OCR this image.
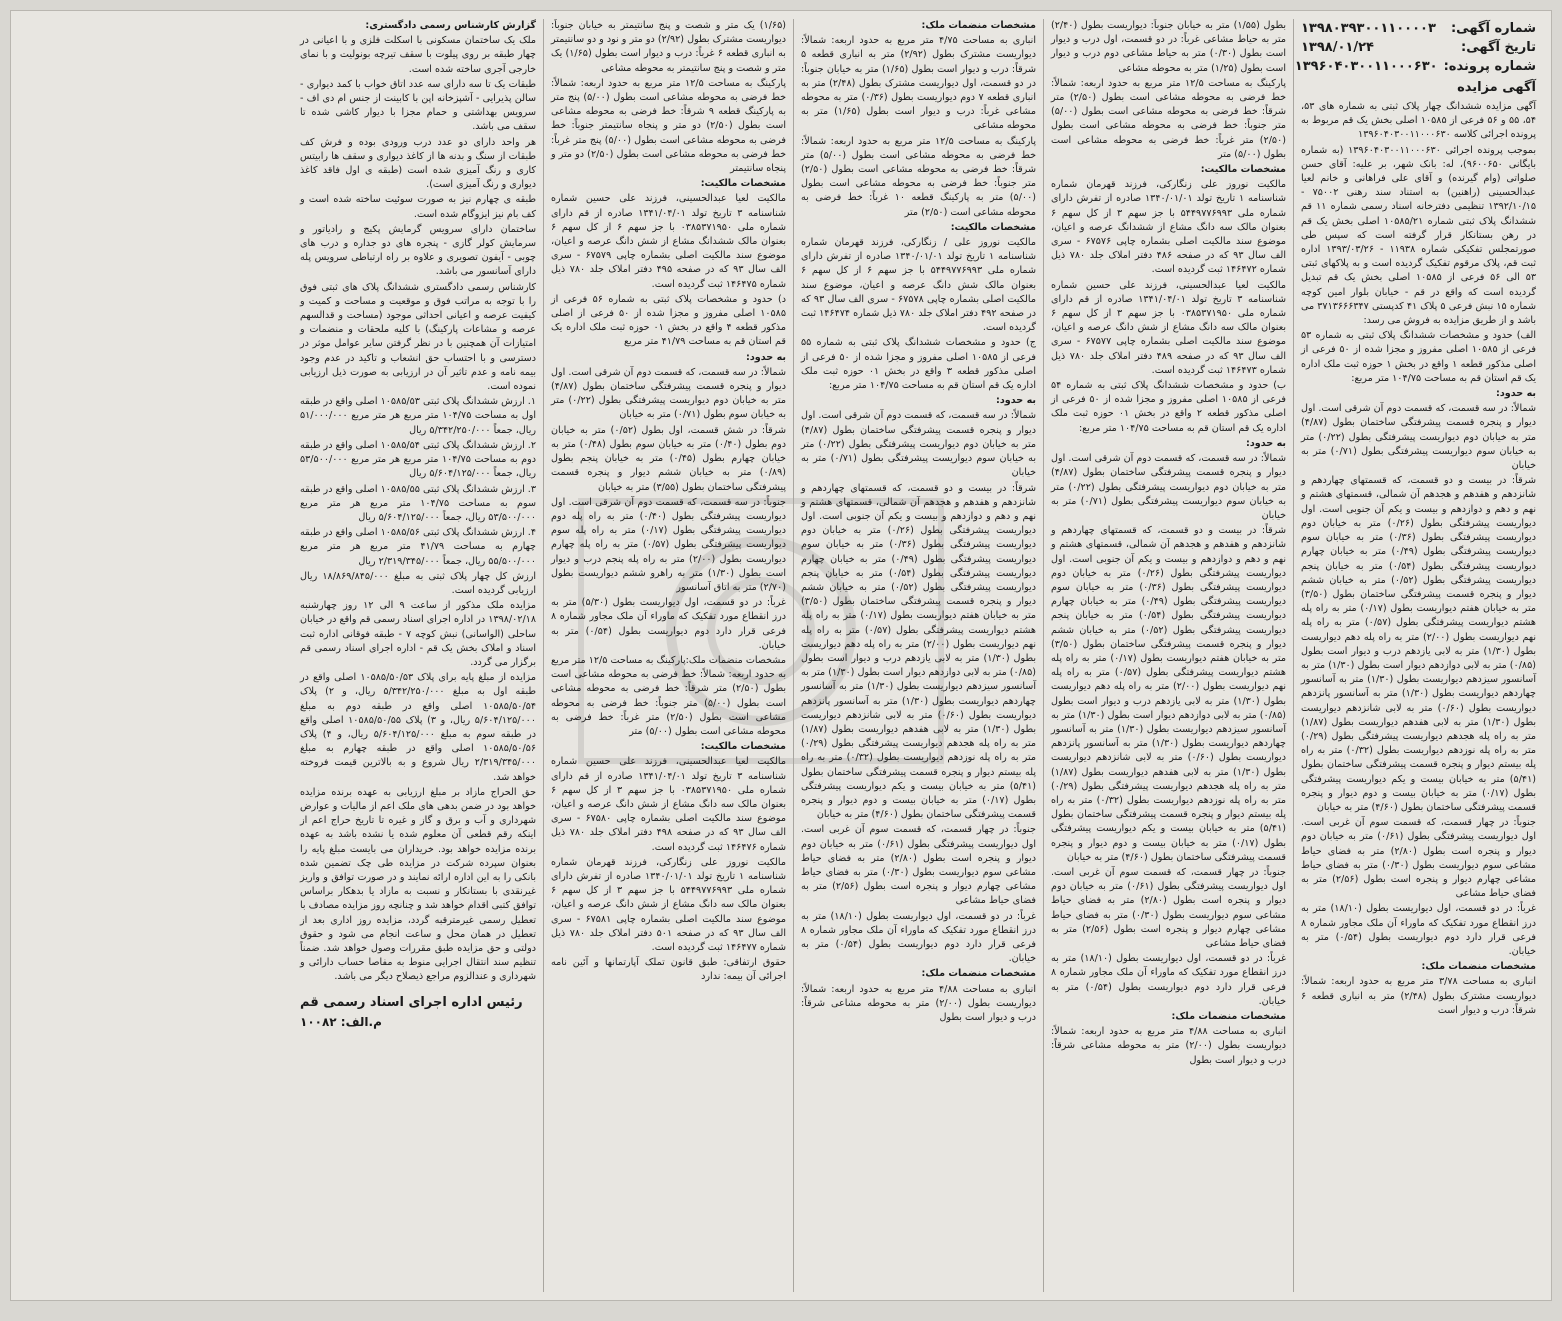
شماره آگهی:
۱۳۹۸۰۳۹۳۰۰۱۱۰۰۰۰۳
تاریخ آگهی:
۱۳۹۸/۰۱/۲۴
شماره پرونده:
۱۳۹۶۰۴۰۳۰۰۱۱۰۰۰۶۳۰
آگهی مزایده

آگهی مزایده ششدانگ چهار پلاک ثبتی به شماره های ۵۳، ۵۴، ۵۵ و ۵۶ فرعی از ۱۰۵۸۵ اصلی بخش یک قم مربوط به پرونده اجرائی کلاسه ۱۳۹۶۰۴۰۳۰۰۱۱۰۰۰۶۳۰

بموجب پرونده اجرائی ۱۳۹۶۰۴۰۳۰۰۱۱۰۰۰۶۳۰ (به شماره بایگانی ۹۶۰۰۶۵۰)، له: بانک شهر، بر علیه: آقای حسن صلواتی (وام گیرنده) و آقای علی فراهانی و خانم لعیا عبدالحسینی (راهنین) به استناد سند رهنی ۷۵۰۰۲ - ۱۳۹۲/۱۰/۱۵ تنظیمی دفترخانه اسناد رسمی شماره ۱۱ قم ششدانگ پلاک ثبتی شماره ۱۰۵۸۵/۲۱ اصلی بخش یک قم در رهن بستانکار قرار گرفته است که سپس طی صورتمجلس تفکیکی شماره ۱۱۹۳۸ - ۱۳۹۳/۰۳/۲۶ اداره ثبت قم، پلاک مرقوم تفکیک گردیده است و به پلاکهای ثبتی ۵۳ الی ۵۶ فرعی از ۱۰۵۸۵ اصلی بخش یک قم تبدیل گردیده است که واقع در قم - خیابان بلوار امین کوچه شماره ۱۵ نبش فرعی ۵ پلاک ۴۱ کدپستی ۳۷۱۳۶۶۶۳۴۷ می باشد و از طریق مزایده به فروش می رسد:

الف) حدود و مشخصات ششدانگ پلاک ثبتی به شماره ۵۳ فرعی از ۱۰۵۸۵ اصلی مفروز و مجزا شده از ۵۰ فرعی از اصلی مذکور قطعه ۱ واقع در بخش ۱ حوزه ثبت ملک اداره یک قم استان قم به مساحت ۱۰۴/۷۵ متر مربع:

به حدود:

شمالاً: در سه قسمت، که قسمت دوم آن شرقی است. اول دیوار و پنجره قسمت پیشرفتگی ساختمان بطول (۴/۸۷) متر به خیابان دوم دیواریست پیشرفتگی بطول (۰/۲۲) متر به خیابان سوم دیواریست پیشرفتگی بطول (۰/۷۱) متر به خیابان

شرقاً: در بیست و دو قسمت، که قسمتهای چهاردهم و شانزدهم و هفدهم و هجدهم آن شمالی، قسمتهای هشتم و نهم و دهم و دوازدهم و بیست و یکم آن جنوبی است. اول دیواریست پیشرفتگی بطول (۰/۲۶) متر به خیابان دوم دیواریست پیشرفتگی بطول (۰/۳۶) متر به خیابان سوم دیواریست پیشرفتگی بطول (۰/۴۹) متر به خیابان چهارم دیواریست پیشرفتگی بطول (۰/۵۴) متر به خیابان پنجم دیواریست پیشرفتگی بطول (۰/۵۲) متر به خیابان ششم دیوار و پنجره قسمت پیشرفتگی ساختمان بطول (۳/۵۰) متر به خیابان هفتم دیواریست بطول (۰/۱۷) متر به راه پله هشتم دیواریست پیشرفتگی بطول (۰/۵۷) متر به راه پله نهم دیواریست بطول (۲/۰۰) متر به راه پله دهم دیواریست بطول (۱/۳۰) متر به لابی یازدهم درب و دیوار است بطول (۰/۸۵) متر به لابی دوازدهم دیوار است بطول (۱/۳۰) متر به آسانسور سیزدهم دیواریست بطول (۱/۳۰) متر به آسانسور چهاردهم دیواریست بطول (۱/۳۰) متر به آسانسور پانزدهم دیواریست بطول (۰/۶۰) متر به لابی شانزدهم دیواریست بطول (۱/۳۰) متر به لابی هفدهم دیواریست بطول (۱/۸۷) متر به راه پله هجدهم دیواریست پیشرفتگی بطول (۰/۲۹) متر به راه پله نوزدهم دیواریست بطول (۰/۳۲) متر به راه پله بیستم دیوار و پنجره قسمت پیشرفتگی ساختمان بطول (۵/۴۱) متر به خیابان بیست و یکم دیواریست پیشرفتگی بطول (۰/۱۷) متر به خیابان بیست و دوم دیوار و پنجره قسمت پیشرفتگی ساختمان بطول (۴/۶۰) متر به خیابان

جنوباً: در چهار قسمت، که قسمت سوم آن غربی است. اول دیواریست پیشرفتگی بطول (۰/۶۱) متر به خیابان دوم دیوار و پنجره است بطول (۲/۸۰) متر به فضای حیاط مشاعی سوم دیواریست بطول (۰/۳۰) متر به فضای حیاط مشاعی چهارم دیوار و پنجره است بطول (۲/۵۶) متر به فضای حیاط مشاعی

غرباً: در دو قسمت، اول دیواریست بطول (۱۸/۱۰) متر به درز انقطاع مورد تفکیک که ماوراء آن ملک مجاور شماره ۸ فرعی قرار دارد دوم دیواریست بطول (۰/۵۴) متر به خیابان.

مشخصات منضمات ملک:

انباری به مساحت ۳/۷۸ متر مربع به حدود اربعه: شمالاً: دیواریست مشترک بطول (۲/۴۸) متر به انباری قطعه ۶ شرقاً: درب و دیوار است

بطول (۱/۵۵) متر به خیابان جنوباً: دیواریست بطول (۲/۴۰) متر به حیاط مشاعی غرباً: در دو قسمت، اول درب و دیوار است بطول (۰/۳۰) متر به حیاط مشاعی دوم درب و دیوار است بطول (۱/۲۵) متر به محوطه مشاعی

پارکینگ به مساحت ۱۲/۵ متر مربع به حدود اربعه: شمالاً: خط فرضی به محوطه مشاعی است بطول (۲/۵۰) متر شرقاً: خط فرضی به محوطه مشاعی است بطول (۵/۰۰) متر جنوباً: خط فرضی به محوطه مشاعی است بطول (۲/۵۰) متر غرباً: خط فرضی به محوطه مشاعی است بطول (۵/۰۰) متر

مشخصات مالکیت:

مالکیت نوروز علی زنگارکی، فرزند قهرمان شماره شناسنامه ۱ تاریخ تولد ۱۳۴۰/۰۱/۰۱ صادره از تفرش دارای شماره ملی ۵۴۴۹۷۷۶۹۹۳ با جز سهم ۳ از کل سهم ۶ بعنوان مالک سه دانگ مشاع از ششدانگ عرصه و اعیان، موضوع سند مالکیت اصلی بشماره چاپی ۶۷۵۷۶ - سری الف سال ۹۳ که در صفحه ۴۸۶ دفتر املاک جلد ۷۸۰ ذیل شماره ۱۴۶۴۷۲ ثبت گردیده است.

مالکیت لعیا عبدالحسینی، فرزند علی حسین شماره شناسنامه ۳ تاریخ تولد ۱۳۴۱/۰۴/۰۱ صادره از قم دارای شماره ملی ۰۳۸۵۳۷۱۹۵۰ با جز سهم ۳ از کل سهم ۶ بعنوان مالک سه دانگ مشاع از شش دانگ عرصه و اعیان، موضوع سند مالکیت اصلی بشماره چاپی ۶۷۵۷۷ - سری الف سال ۹۳ که در صفحه ۴۸۹ دفتر املاک جلد ۷۸۰ ذیل شماره ۱۴۶۴۷۳ ثبت گردیده است.

ب) حدود و مشخصات ششدانگ پلاک ثبتی به شماره ۵۴ فرعی از ۱۰۵۸۵ اصلی مفروز و مجزا شده از ۵۰ فرعی از اصلی مذکور قطعه ۲ واقع در بخش ۰۱ حوزه ثبت ملک اداره یک قم استان قم به مساحت ۱۰۴/۷۵ متر مربع:

به حدود:

شمالاً: در سه قسمت، که قسمت دوم آن شرقی است. اول دیوار و پنجره قسمت پیشرفتگی ساختمان بطول (۴/۸۷) متر به خیابان دوم دیواریست پیشرفتگی بطول (۰/۲۲) متر به خیابان سوم دیواریست پیشرفتگی بطول (۰/۷۱) متر به خیابان

شرقاً: در بیست و دو قسمت، که قسمتهای چهاردهم و شانزدهم و هفدهم و هجدهم آن شمالی، قسمتهای هشتم و نهم و دهم و دوازدهم و بیست و یکم آن جنوبی است. اول دیواریست پیشرفتگی بطول (۰/۲۶) متر به خیابان دوم دیواریست پیشرفتگی بطول (۰/۳۶) متر به خیابان سوم دیواریست پیشرفتگی بطول (۰/۴۹) متر به خیابان چهارم دیواریست پیشرفتگی بطول (۰/۵۴) متر به خیابان پنجم دیواریست پیشرفتگی بطول (۰/۵۲) متر به خیابان ششم دیوار و پنجره قسمت پیشرفتگی ساختمان بطول (۳/۵۰) متر به خیابان هفتم دیواریست بطول (۰/۱۷) متر به راه پله هشتم دیواریست پیشرفتگی بطول (۰/۵۷) متر به راه پله نهم دیواریست بطول (۲/۰۰) متر به راه پله دهم دیواریست بطول (۱/۳۰) متر به لابی یازدهم درب و دیوار است بطول (۰/۸۵) متر به لابی دوازدهم دیوار است بطول (۱/۳۰) متر به آسانسور سیزدهم دیواریست بطول (۱/۳۰) متر به آسانسور چهاردهم دیواریست بطول (۱/۳۰) متر به آسانسور پانزدهم دیواریست بطول (۰/۶۰) متر به لابی شانزدهم دیواریست بطول (۱/۳۰) متر به لابی هفدهم دیواریست بطول (۱/۸۷) متر به راه پله هجدهم دیواریست پیشرفتگی بطول (۰/۲۹) متر به راه پله نوزدهم دیواریست بطول (۰/۳۲) متر به راه پله بیستم دیوار و پنجره قسمت پیشرفتگی ساختمان بطول (۵/۴۱) متر به خیابان بیست و یکم دیواریست پیشرفتگی بطول (۰/۱۷) متر به خیابان بیست و دوم دیوار و پنجره قسمت پیشرفتگی ساختمان بطول (۴/۶۰) متر به خیابان

جنوباً: در چهار قسمت، که قسمت سوم آن غربی است. اول دیواریست پیشرفتگی بطول (۰/۶۱) متر به خیابان دوم دیوار و پنجره است بطول (۲/۸۰) متر به فضای حیاط مشاعی سوم دیواریست بطول (۰/۳۰) متر به فضای حیاط مشاعی چهارم دیوار و پنجره است بطول (۲/۵۶) متر به فضای حیاط مشاعی

غرباً: در دو قسمت، اول دیواریست بطول (۱۸/۱۰) متر به درز انقطاع مورد تفکیک که ماوراء آن ملک مجاور شماره ۸ فرعی قرار دارد دوم دیواریست بطول (۰/۵۴) متر به خیابان.

مشخصات منضمات ملک:

انباری به مساحت ۴/۸۸ متر مربع به حدود اربعه: شمالاً: دیواریست بطول (۲/۰۰) متر به محوطه مشاعی شرقاً: درب و دیوار است بطول

مشخصات منضمات ملک:

انباری به مساحت ۴/۷۵ متر مربع به حدود اربعه: شمالاً: دیواریست مشترک بطول (۲/۹۲) متر به انباری قطعه ۵ شرقاً: درب و دیوار است بطول (۱/۶۵) متر به خیابان جنوباً: در دو قسمت، اول دیواریست مشترک بطول (۲/۴۸) متر به انباری قطعه ۷ دوم دیواریست بطول (۰/۳۶) متر به محوطه مشاعی غرباً: درب و دیوار است بطول (۱/۶۵) متر به محوطه مشاعی

پارکینگ به مساحت ۱۲/۵ متر مربع به حدود اربعه: شمالاً: خط فرضی به محوطه مشاعی است بطول (۵/۰۰) متر شرقاً: خط فرضی به محوطه مشاعی است بطول (۲/۵۰) متر جنوباً: خط فرضی به محوطه مشاعی است بطول (۵/۰۰) متر به پارکینگ قطعه ۱۰ غرباً: خط فرضی به محوطه مشاعی است (۲/۵۰) متر

مشخصات مالکیت:

مالکیت نوروز علی / زنگارکی، فرزند قهرمان شماره شناسنامه ۱ تاریخ تولد ۱۳۴۰/۰۱/۰۱ صادره از تفرش دارای شماره ملی ۵۴۴۹۷۷۶۹۹۳ با جز سهم ۶ از کل سهم ۶ بعنوان مالک شش دانگ عرصه و اعیان، موضوع سند مالکیت اصلی بشماره چاپی ۶۷۵۷۸ - سری الف سال ۹۳ که در صفحه ۴۹۲ دفتر املاک جلد ۷۸۰ ذیل شماره ۱۴۶۴۷۴ ثبت گردیده است.

ج) حدود و مشخصات ششدانگ پلاک ثبتی به شماره ۵۵ فرعی از ۱۰۵۸۵ اصلی مفروز و مجزا شده از ۵۰ فرعی از اصلی مذکور قطعه ۳ واقع در بخش ۰۱ حوزه ثبت ملک اداره یک قم استان قم به مساحت ۱۰۴/۷۵ متر مربع:

به حدود:

شمالاً: در سه قسمت، که قسمت دوم آن شرقی است. اول دیوار و پنجره قسمت پیشرفتگی ساختمان بطول (۴/۸۷) متر به خیابان دوم دیواریست پیشرفتگی بطول (۰/۲۲) متر به خیابان سوم دیواریست پیشرفتگی بطول (۰/۷۱) متر به خیابان

شرقاً: در بیست و دو قسمت، که قسمتهای چهاردهم و شانزدهم و هفدهم و هجدهم آن شمالی، قسمتهای هشتم و نهم و دهم و دوازدهم و بیست و یکم آن جنوبی است. اول دیواریست پیشرفتگی بطول (۰/۲۶) متر به خیابان دوم دیواریست پیشرفتگی بطول (۰/۳۶) متر به خیابان سوم دیواریست پیشرفتگی بطول (۰/۴۹) متر به خیابان چهارم دیواریست پیشرفتگی بطول (۰/۵۴) متر به خیابان پنجم دیواریست پیشرفتگی بطول (۰/۵۲) متر به خیابان ششم دیوار و پنجره قسمت پیشرفتگی ساختمان بطول (۳/۵۰) متر به خیابان هفتم دیواریست بطول (۰/۱۷) متر به راه پله هشتم دیواریست پیشرفتگی بطول (۰/۵۷) متر به راه پله نهم دیواریست بطول (۲/۰۰) متر به راه پله دهم دیواریست بطول (۱/۳۰) متر به لابی یازدهم درب و دیوار است بطول (۰/۸۵) متر به لابی دوازدهم دیوار است بطول (۱/۳۰) متر به آسانسور سیزدهم دیواریست بطول (۱/۳۰) متر به آسانسور چهاردهم دیواریست بطول (۱/۳۰) متر به آسانسور پانزدهم دیواریست بطول (۰/۶۰) متر به لابی شانزدهم دیواریست بطول (۱/۳۰) متر به لابی هفدهم دیواریست بطول (۱/۸۷) متر به راه پله هجدهم دیواریست پیشرفتگی بطول (۰/۲۹) متر به راه پله نوزدهم دیواریست بطول (۰/۳۲) متر به راه پله بیستم دیوار و پنجره قسمت پیشرفتگی ساختمان بطول (۵/۴۱) متر به خیابان بیست و یکم دیواریست پیشرفتگی بطول (۰/۱۷) متر به خیابان بیست و دوم دیوار و پنجره قسمت پیشرفتگی ساختمان بطول (۴/۶۰) متر به خیابان

جنوباً: در چهار قسمت، که قسمت سوم آن غربی است. اول دیواریست پیشرفتگی بطول (۰/۶۱) متر به خیابان دوم دیوار و پنجره است بطول (۲/۸۰) متر به فضای حیاط مشاعی سوم دیواریست بطول (۰/۳۰) متر به فضای حیاط مشاعی چهارم دیوار و پنجره است بطول (۲/۵۶) متر به فضای حیاط مشاعی

غرباً: در دو قسمت، اول دیواریست بطول (۱۸/۱۰) متر به درز انقطاع مورد تفکیک که ماوراء آن ملک مجاور شماره ۸ فرعی قرار دارد دوم دیواریست بطول (۰/۵۴) متر به خیابان.

مشخصات منضمات ملک:

انباری به مساحت ۴/۸۸ متر مربع به حدود اربعه: شمالاً: دیواریست بطول (۲/۰۰) متر به محوطه مشاعی شرقاً: درب و دیوار است بطول

(۱/۶۵) یک متر و شصت و پنج سانتیمتر به خیابان جنوباً: دیواریست مشترک بطول (۲/۹۲) دو متر و نود و دو سانتیمتر به انباری قطعه ۶ غرباً: درب و دیوار است بطول (۱/۶۵) یک متر و شصت و پنج سانتیمتر به محوطه مشاعی

پارکینگ به مساحت ۱۲/۵ متر مربع به حدود اربعه: شمالاً: خط فرضی به محوطه مشاعی است بطول (۵/۰۰) پنج متر به پارکینگ قطعه ۹ شرقاً: خط فرضی به محوطه مشاعی است بطول (۲/۵۰) دو متر و پنجاه سانتیمتر جنوباً: خط فرضی به محوطه مشاعی است بطول (۵/۰۰) پنج متر غرباً: خط فرضی به محوطه مشاعی است بطول (۲/۵۰) دو متر و پنجاه سانتیمتر

مشخصات مالکیت:

مالکیت لعیا عبدالحسینی، فرزند علی حسین شماره شناسنامه ۳ تاریخ تولد ۱۳۴۱/۰۴/۰۱ صادره از قم دارای شماره ملی ۰۳۸۵۳۷۱۹۵۰ با جز سهم ۶ از کل سهم ۶ بعنوان مالک ششدانگ مشاع از شش دانگ عرصه و اعیان، موضوع سند مالکیت اصلی بشماره چاپی ۶۷۵۷۹ - سری الف سال ۹۳ که در صفحه ۴۹۵ دفتر املاک جلد ۷۸۰ ذیل شماره ۱۴۶۴۷۵ ثبت گردیده است.

د) حدود و مشخصات پلاک ثبتی به شماره ۵۶ فرعی از ۱۰۵۸۵ اصلی مفروز و مجزا شده از ۵۰ فرعی از اصلی مذکور قطعه ۴ واقع در بخش ۰۱ حوزه ثبت ملک اداره یک قم استان قم به مساحت ۴۱/۷۹ متر مربع

به حدود:

شمالاً: در سه قسمت، که قسمت دوم آن شرقی است. اول دیوار و پنجره قسمت پیشرفتگی ساختمان بطول (۴/۸۷) متر به خیابان دوم دیواریست پیشرفتگی بطول (۰/۲۲) متر به خیابان سوم بطول (۰/۷۱) متر به خیابان

شرقاً: در شش قسمت، اول بطول (۰/۵۲) متر به خیابان دوم بطول (۰/۴۰) متر به خیابان سوم بطول (۰/۴۸) متر به خیابان چهارم بطول (۰/۴۵) متر به خیابان پنجم بطول (۰/۸۹) متر به خیابان ششم دیوار و پنجره قسمت پیشرفتگی ساختمان بطول (۳/۵۵) متر به خیابان

جنوباً: در سه قسمت، که قسمت دوم آن شرقی است. اول دیواریست پیشرفتگی بطول (۰/۴۰) متر به راه پله دوم دیواریست پیشرفتگی بطول (۰/۱۷) متر به راه پله سوم دیواریست پیشرفتگی بطول (۰/۵۷) متر به راه پله چهارم دیواریست بطول (۲/۰۰) متر به راه پله پنجم درب و دیوار است بطول (۱/۳۰) متر به راهرو ششم دیواریست بطول (۲/۷۰) متر به اتاق آسانسور

غرباً: در دو قسمت، اول دیواریست بطول (۵/۳۰) متر به درز انقطاع مورد تفکیک که ماوراء آن ملک مجاور شماره ۸ فرعی قرار دارد دوم دیواریست بطول (۰/۵۴) متر به خیابان.

مشخصات منضمات ملک:پارکینگ به مساحت ۱۲/۵ متر مربع به حدود اربعه: شمالاً: خط فرضی به محوطه مشاعی است بطول (۲/۵۰) متر شرقاً: خط فرضی به محوطه مشاعی است بطول (۵/۰۰) متر جنوباً: خط فرضی به محوطه مشاعی است بطول (۲/۵۰) متر غرباً: خط فرضی به محوطه مشاعی است بطول (۵/۰۰) متر

مشخصات مالکیت:

مالکیت لعیا عبدالحسینی، فرزند علی حسین شماره شناسنامه ۳ تاریخ تولد ۱۳۴۱/۰۴/۰۱ صادره از قم دارای شماره ملی ۰۳۸۵۳۷۱۹۵۰ با جز سهم ۳ از کل سهم ۶ بعنوان مالک سه دانگ مشاع از شش دانگ عرصه و اعیان، موضوع سند مالکیت اصلی بشماره چاپی ۶۷۵۸۰ - سری الف سال ۹۳ که در صفحه ۴۹۸ دفتر املاک جلد ۷۸۰ ذیل شماره ۱۴۶۴۷۶ ثبت گردیده است.

مالکیت نوروز علی زنگارکی، فرزند قهرمان شماره شناسنامه ۱ تاریخ تولد ۱۳۴۰/۰۱/۰۱ صادره از تفرش دارای شماره ملی ۵۴۴۹۷۷۶۹۹۳ با جز سهم ۳ از کل سهم ۶ بعنوان مالک سه دانگ مشاع از شش دانگ عرصه و اعیان، موضوع سند مالکیت اصلی بشماره چاپی ۶۷۵۸۱ - سری الف سال ۹۳ که در صفحه ۵۰۱ دفتر املاک جلد ۷۸۰ ذیل شماره ۱۴۶۴۷۷ ثبت گردیده است.

حقوق ارتفاقی: طبق قانون تملک آپارتمانها و آئین نامه اجرائی آن بیمه: ندارد

گزارش کارشناس رسمی دادگستری:

ملک یک ساختمان مسکونی با اسکلت فلزی و با اعیانی در چهار طبقه بر روی پیلوت با سقف تیرچه بونولیت و با نمای خارجی آجری ساخته شده است.

طبقات یک تا سه دارای سه عدد اتاق خواب با کمد دیواری - سالن پذیرایی - آشپزخانه اپن با کابینت از جنس ام دی اف - سرویس بهداشتی و حمام مجزا با دیوار کاشی شده تا سقف می باشد.

هر واحد دارای دو عدد درب ورودی بوده و فرش کف طبقات از سنگ و بدنه ها از کاغذ دیواری و سقف ها رابیتس کاری و رنگ آمیزی شده است (طبقه ی اول فاقد کاغذ دیواری و رنگ آمیزی است).

طبقه ی چهارم نیز به صورت سوئیت ساخته شده است و کف بام نیز ایزوگام شده است.

ساختمان دارای سرویس گرمایش پکیج و رادیاتور و سرمایش کولر گازی - پنجره های دو جداره و درب های چوبی - آیفون تصویری و علاوه بر راه ارتباطی سرویس پله دارای آسانسور می باشد.

کارشناس رسمی دادگستری ششدانگ پلاک های ثبتی فوق را با توجه به مراتب فوق و موقعیت و مساحت و کمیت و کیفیت عرصه و اعیانی احداثی موجود (مساحت و قدالسهم عرصه و مشاعات پارکینگ) با کلیه ملحقات و منضمات و امتیازات آن همچنین با در نظر گرفتن سایر عوامل موثر در دسترسی و با احتساب حق انشعاب و تاکید در عدم وجود بیمه نامه و عدم تاثیر آن در ارزیابی به صورت ذیل ارزیابی نموده است.

۱. ارزش ششدانگ پلاک ثبتی ۱۰۵۸۵/۵۳ اصلی واقع در طبقه اول به مساحت ۱۰۴/۷۵ متر مربع هر متر مربع ۵۱/۰۰۰/۰۰۰ ریال، جمعاً ۵/۳۴۲/۲۵۰/۰۰۰ ریال

۲. ارزش ششدانگ پلاک ثبتی ۱۰۵۸۵/۵۴ اصلی واقع در طبقه دوم به مساحت ۱۰۴/۷۵ متر مربع هر متر مربع ۵۳/۵۰۰/۰۰۰ ریال، جمعاً ۵/۶۰۴/۱۲۵/۰۰۰ ریال

۳. ارزش ششدانگ پلاک ثبتی ۱۰۵۸۵/۵۵ اصلی واقع در طبقه سوم به مساحت ۱۰۴/۷۵ متر مربع هر متر مربع ۵۳/۵۰۰/۰۰۰ ریال، جمعاً ۵/۶۰۴/۱۲۵/۰۰۰ ریال

۴. ارزش ششدانگ پلاک ثبتی ۱۰۵۸۵/۵۶ اصلی واقع در طبقه چهارم به مساحت ۴۱/۷۹ متر مربع هر متر مربع ۵۵/۵۰۰/۰۰۰ ریال، جمعاً ۲/۳۱۹/۳۴۵/۰۰۰ ریال

ارزش کل چهار پلاک ثبتی به مبلغ ۱۸/۸۶۹/۸۴۵/۰۰۰ ریال ارزیابی گردیده است.

مزایده ملک مذکور از ساعت ۹ الی ۱۲ روز چهارشنبه ۱۳۹۸/۰۲/۱۸ در اداره اجرای اسناد رسمی قم واقع در خیابان ساحلی (الواسانی) نبش کوچه ۷ - طبقه فوقانی اداره ثبت اسناد و املاک بخش یک قم - اداره اجرای اسناد رسمی قم برگزار می گردد.

مزایده از مبلغ پایه برای پلاک ۱۰۵۸۵/۵۰/۵۳ اصلی واقع در طبقه اول به مبلغ ۵/۳۴۲/۲۵۰/۰۰۰ ریال، و ۲) پلاک ۱۰۵۸۵/۵۰/۵۴ اصلی واقع در طبقه دوم به مبلغ ۵/۶۰۴/۱۲۵/۰۰۰ ریال، و ۳) پلاک ۱۰۵۸۵/۵۰/۵۵ اصلی واقع در طبقه سوم به مبلغ ۵/۶۰۴/۱۲۵/۰۰۰ ریال، و ۴) پلاک ۱۰۵۸۵/۵۰/۵۶ اصلی واقع در طبقه چهارم به مبلغ ۲/۳۱۹/۳۴۵/۰۰۰ ریال شروع و به بالاترین قیمت فروخته خواهد شد.

حق الحراج مازاد بر مبلغ ارزیابی به عهده برنده مزایده خواهد بود در ضمن بدهی های ملک اعم از مالیات و عوارض شهرداری و آب و برق و گاز و غیره تا تاریخ حراج اعم از اینکه رقم قطعی آن معلوم شده یا نشده باشد به عهده برنده مزایده خواهد بود. خریداران می بایست مبلغ پایه را بعنوان سپرده شرکت در مزایده طی چک تضمین شده بانکی را به این اداره ارائه نمایند و در صورت توافق و واریز غیرنقدی با بستانکار و نسبت به مازاد یا بدهکار براساس توافق کتبی اقدام خواهد شد و چنانچه روز مزایده مصادف با تعطیل رسمی غیرمترقبه گردد، مزایده روز اداری بعد از تعطیل در همان محل و ساعت انجام می شود و حقوق دولتی و حق مزایده طبق مقررات وصول خواهد شد. ضمناً تنظیم سند انتقال اجرایی منوط به مفاصا حساب دارائی و شهرداری و عندالزوم مراجع ذیصلاح دیگر می باشد.

رئیس اداره اجرای اسناد رسمی قم
م.الف: ۱۰۰۸۲
